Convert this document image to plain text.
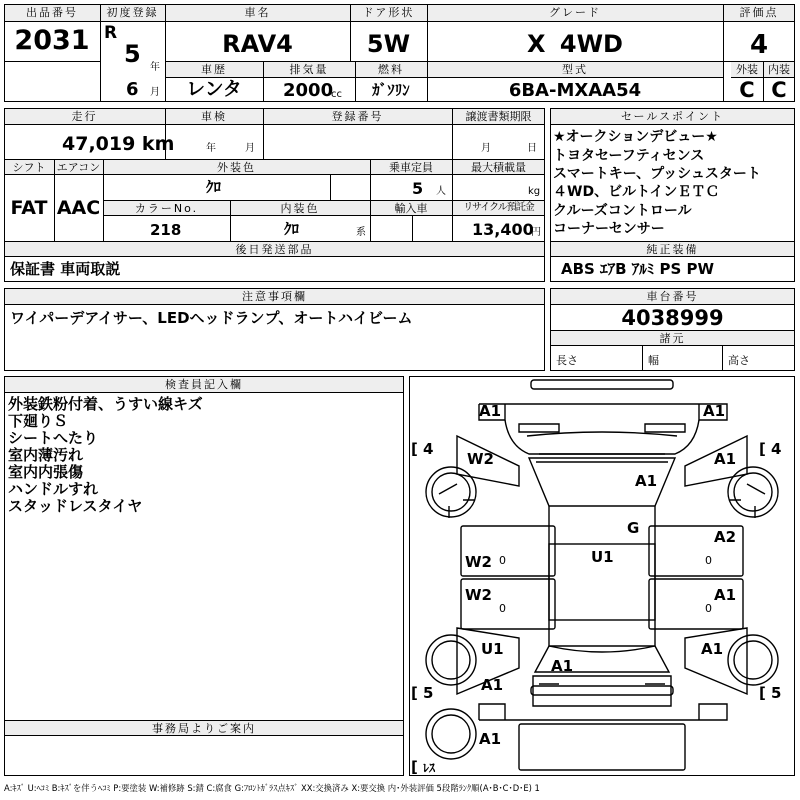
出品番号
2031
初度登録
R
5 年
6 月
車名
RAV4
ドア形状
5W
グレード
X 4WD
評価点
4
車歴
レンタ
排気量
2000
cc
燃料
ｶﾞｿﾘﾝ
型式
6BA-MXAA54
外装
C
内装
C
走行
47,019 km
車検
年	月
登録番号	譲渡書類期限
月	日
シフト
FAT
エアコン
AAC
外装色
ｸﾛ
乗車定員
5 人
最大積載量
kg
カラーNo.
218
内装色
ｸﾛ	系
輸入車	リサイクル預託金
13,400
円
後日発送部品
保証書 車両取説
セールスポイント
★オークションデビュー★
トヨタセーフティセンス
スマートキー、プッシュスタート
４WD、ビルトインＥＴＣ
クルーズコントロール
コーナーセンサー
純正装備
ABS ｴｱB ｱﾙﾐ PS PW
注意事項欄
ワイパーデアイサー、LEDヘッドランプ、オートハイビーム
車台番号
4038999
諸元
長さ	幅	高さ
検査員記入欄
外装鉄粉付着、うすい線キズ
下廻りＳ
シートへたり
室内薄汚れ
室内内張傷
ハンドルすれ
スタッドレスタイヤ
事務局よりご案内
[	[
[	[
[
4	4
5	5
ﾚｽ
0
0
0
0
A1	A1
W2	A1
A1
G
U1
W2
A2
W2	A1
U1	A1
A1
A1
A1
A:ｷｽﾞ U:ﾍｺﾐ B:ｷｽﾞを伴うﾍｺﾐ P:要塗装 W:補修跡 S:錆 C:腐食 G:ﾌﾛﾝﾄｶﾞﾗｽ点ｷｽﾞ XX:交換済み X:要交換 内･外装評価 5段階ﾗﾝｸ順(A･B･C･D･E) 1
